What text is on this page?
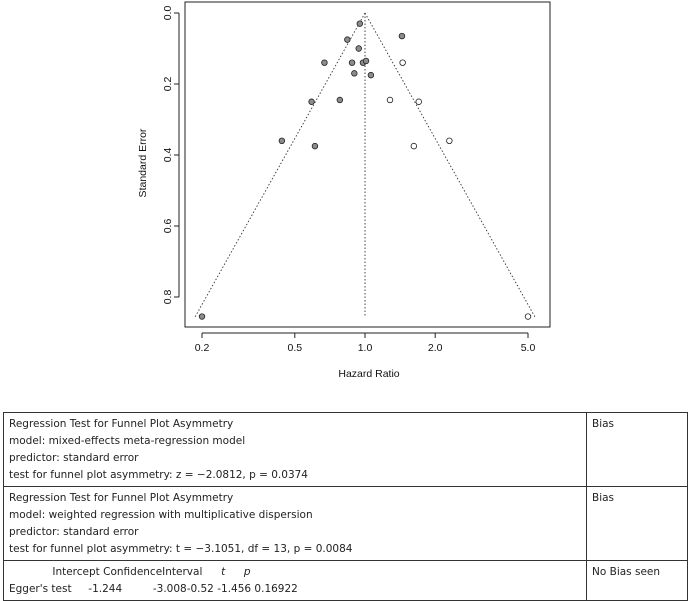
0.2	0.5	1.0	2.0	5.0
0.0
0.2
0.4
0.6
0.8
Hazard Ratio
Standard Error
Regression Test for Funnel Plot Asymmetry
model: mixed-effects meta-regression model
predictor: standard error
test for funnel plot asymmetry: z = −2.0812, p = 0.0374	Bias

Regression Test for Funnel Plot Asymmetry
model: weighted regression with multiplicative dispersion
predictor: standard error
test for funnel plot asymmetry: t = −3.1051, df = 13, p = 0.0084	Bias

Intercept ConfidenceInterval t p
Egger's test -1.244 -3.008-0.52 -1.456 0.16922	No Bias seen
